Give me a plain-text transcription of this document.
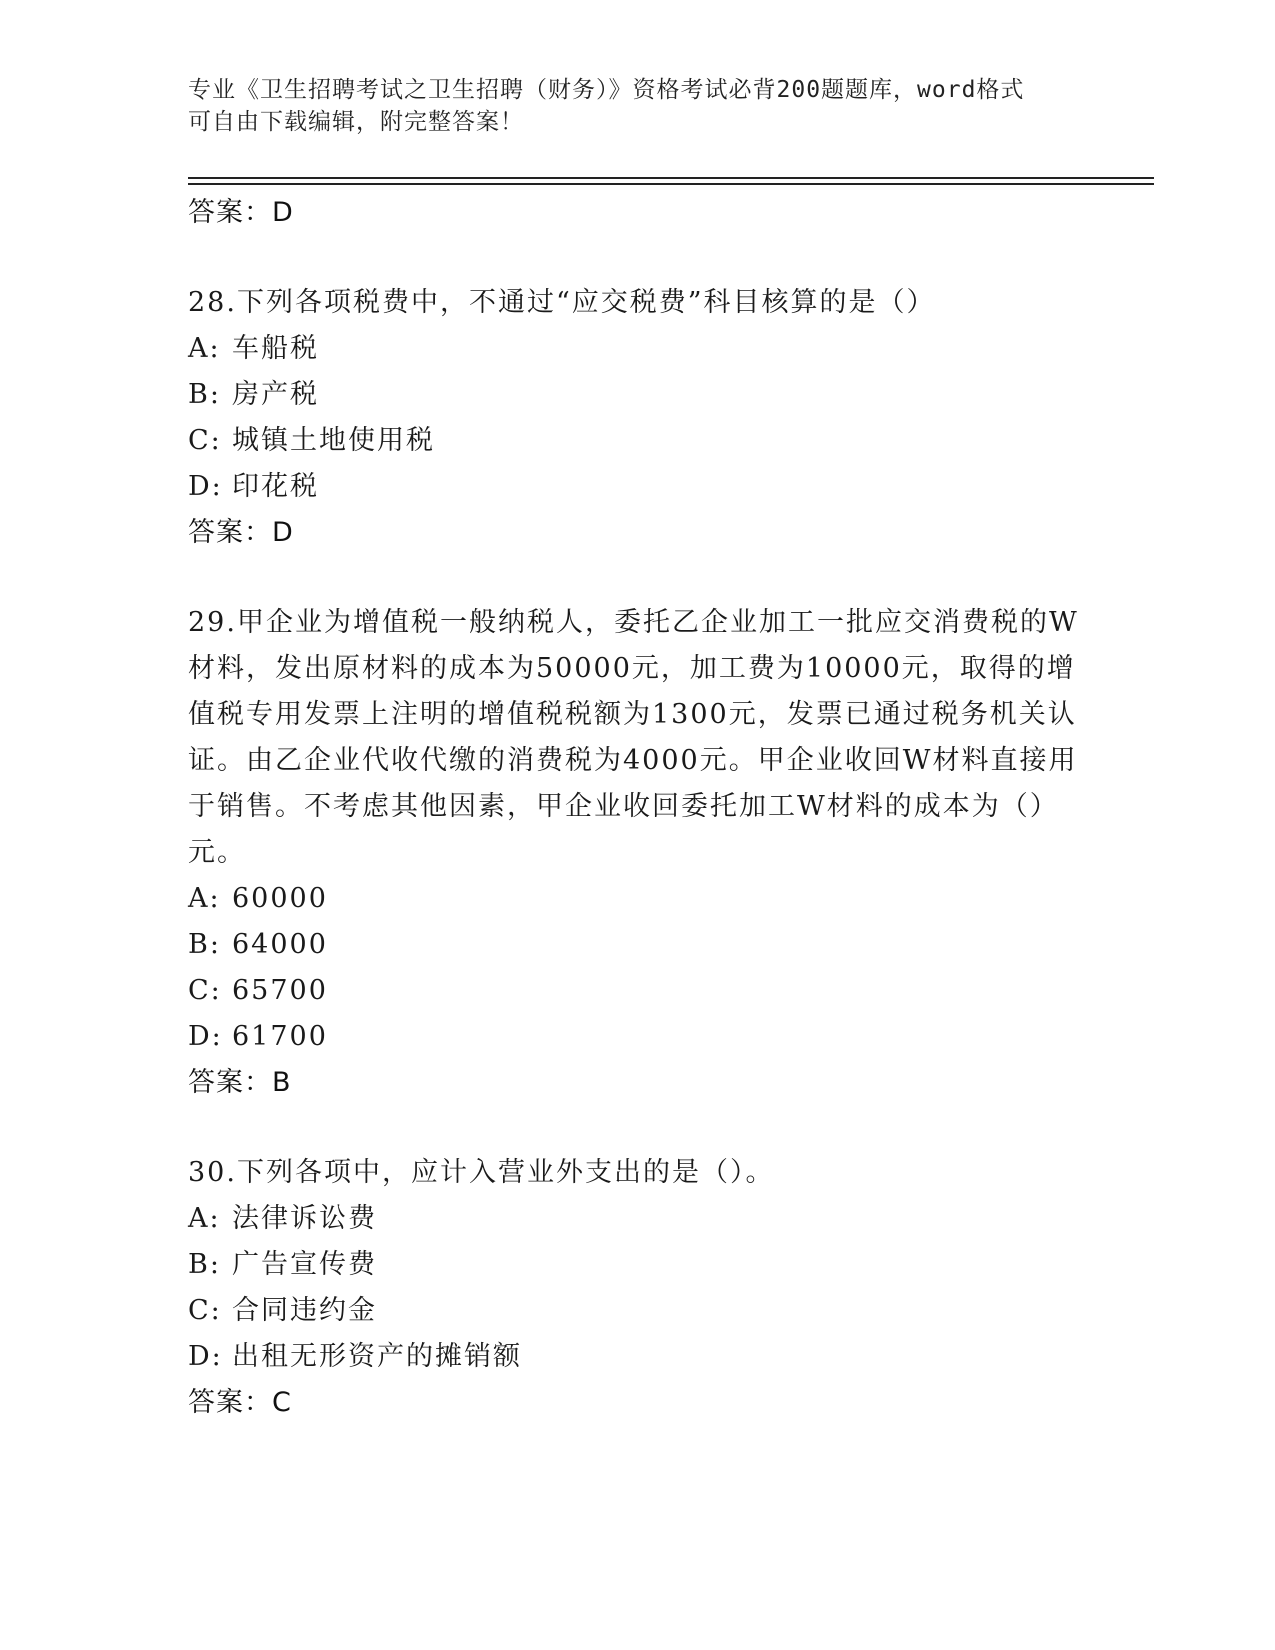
专业《卫生招聘考试之卫生招聘（财务）》资格考试必背200题题库，word格式
可自由下载编辑，附完整答案！
答案：D
28.下列各项税费中，不通过“应交税费”科目核算的是（）
A: 车船税
B: 房产税
C: 城镇土地使用税
D: 印花税
答案：D
29.甲企业为增值税一般纳税人，委托乙企业加工一批应交消费税的W
材料，发出原材料的成本为50000元，加工费为10000元，取得的增
值税专用发票上注明的增值税税额为1300元，发票已通过税务机关认
证。由乙企业代收代缴的消费税为4000元。甲企业收回W材料直接用
于销售。不考虑其他因素，甲企业收回委托加工W材料的成本为（）
元。
A: 60000
B: 64000
C: 65700
D: 61700
答案：B
30.下列各项中，应计入营业外支出的是（）。
A: 法律诉讼费
B: 广告宣传费
C: 合同违约金
D: 出租无形资产的摊销额
答案：C
